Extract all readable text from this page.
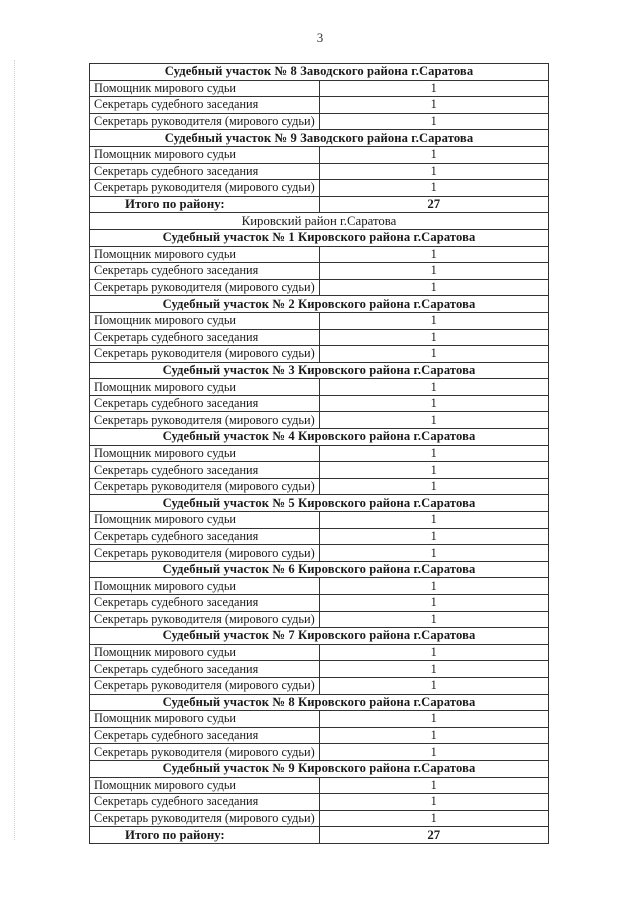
3
Судебный участок № 8 Заводского района г.Саратова	
Помощник мирового судьи	1
Секретарь судебного заседания	1
Секретарь руководителя (мирового судьи)	1
Судебный участок № 9 Заводского района г.Саратова	
Помощник мирового судьи	1
Секретарь судебного заседания	1
Секретарь руководителя (мирового судьи)	1
Итого по району:	27
Кировский район г.Саратова	
Судебный участок № 1 Кировского района г.Саратова	
Помощник мирового судьи	1
Секретарь судебного заседания	1
Секретарь руководителя (мирового судьи)	1
Судебный участок № 2 Кировского района г.Саратова	
Помощник мирового судьи	1
Секретарь судебного заседания	1
Секретарь руководителя (мирового судьи)	1
Судебный участок № 3 Кировского района г.Саратова	
Помощник мирового судьи	1
Секретарь судебного заседания	1
Секретарь руководителя (мирового судьи)	1
Судебный участок № 4 Кировского района г.Саратова	
Помощник мирового судьи	1
Секретарь судебного заседания	1
Секретарь руководителя (мирового судьи)	1
Судебный участок № 5 Кировского района г.Саратова	
Помощник мирового судьи	1
Секретарь судебного заседания	1
Секретарь руководителя (мирового судьи)	1
Судебный участок № 6 Кировского района г.Саратова	
Помощник мирового судьи	1
Секретарь судебного заседания	1
Секретарь руководителя (мирового судьи)	1
Судебный участок № 7 Кировского района г.Саратова	
Помощник мирового судьи	1
Секретарь судебного заседания	1
Секретарь руководителя (мирового судьи)	1
Судебный участок № 8 Кировского района г.Саратова	
Помощник мирового судьи	1
Секретарь судебного заседания	1
Секретарь руководителя (мирового судьи)	1
Судебный участок № 9 Кировского района г.Саратова	
Помощник мирового судьи	1
Секретарь судебного заседания	1
Секретарь руководителя (мирового судьи)	1
Итого по району:	27
